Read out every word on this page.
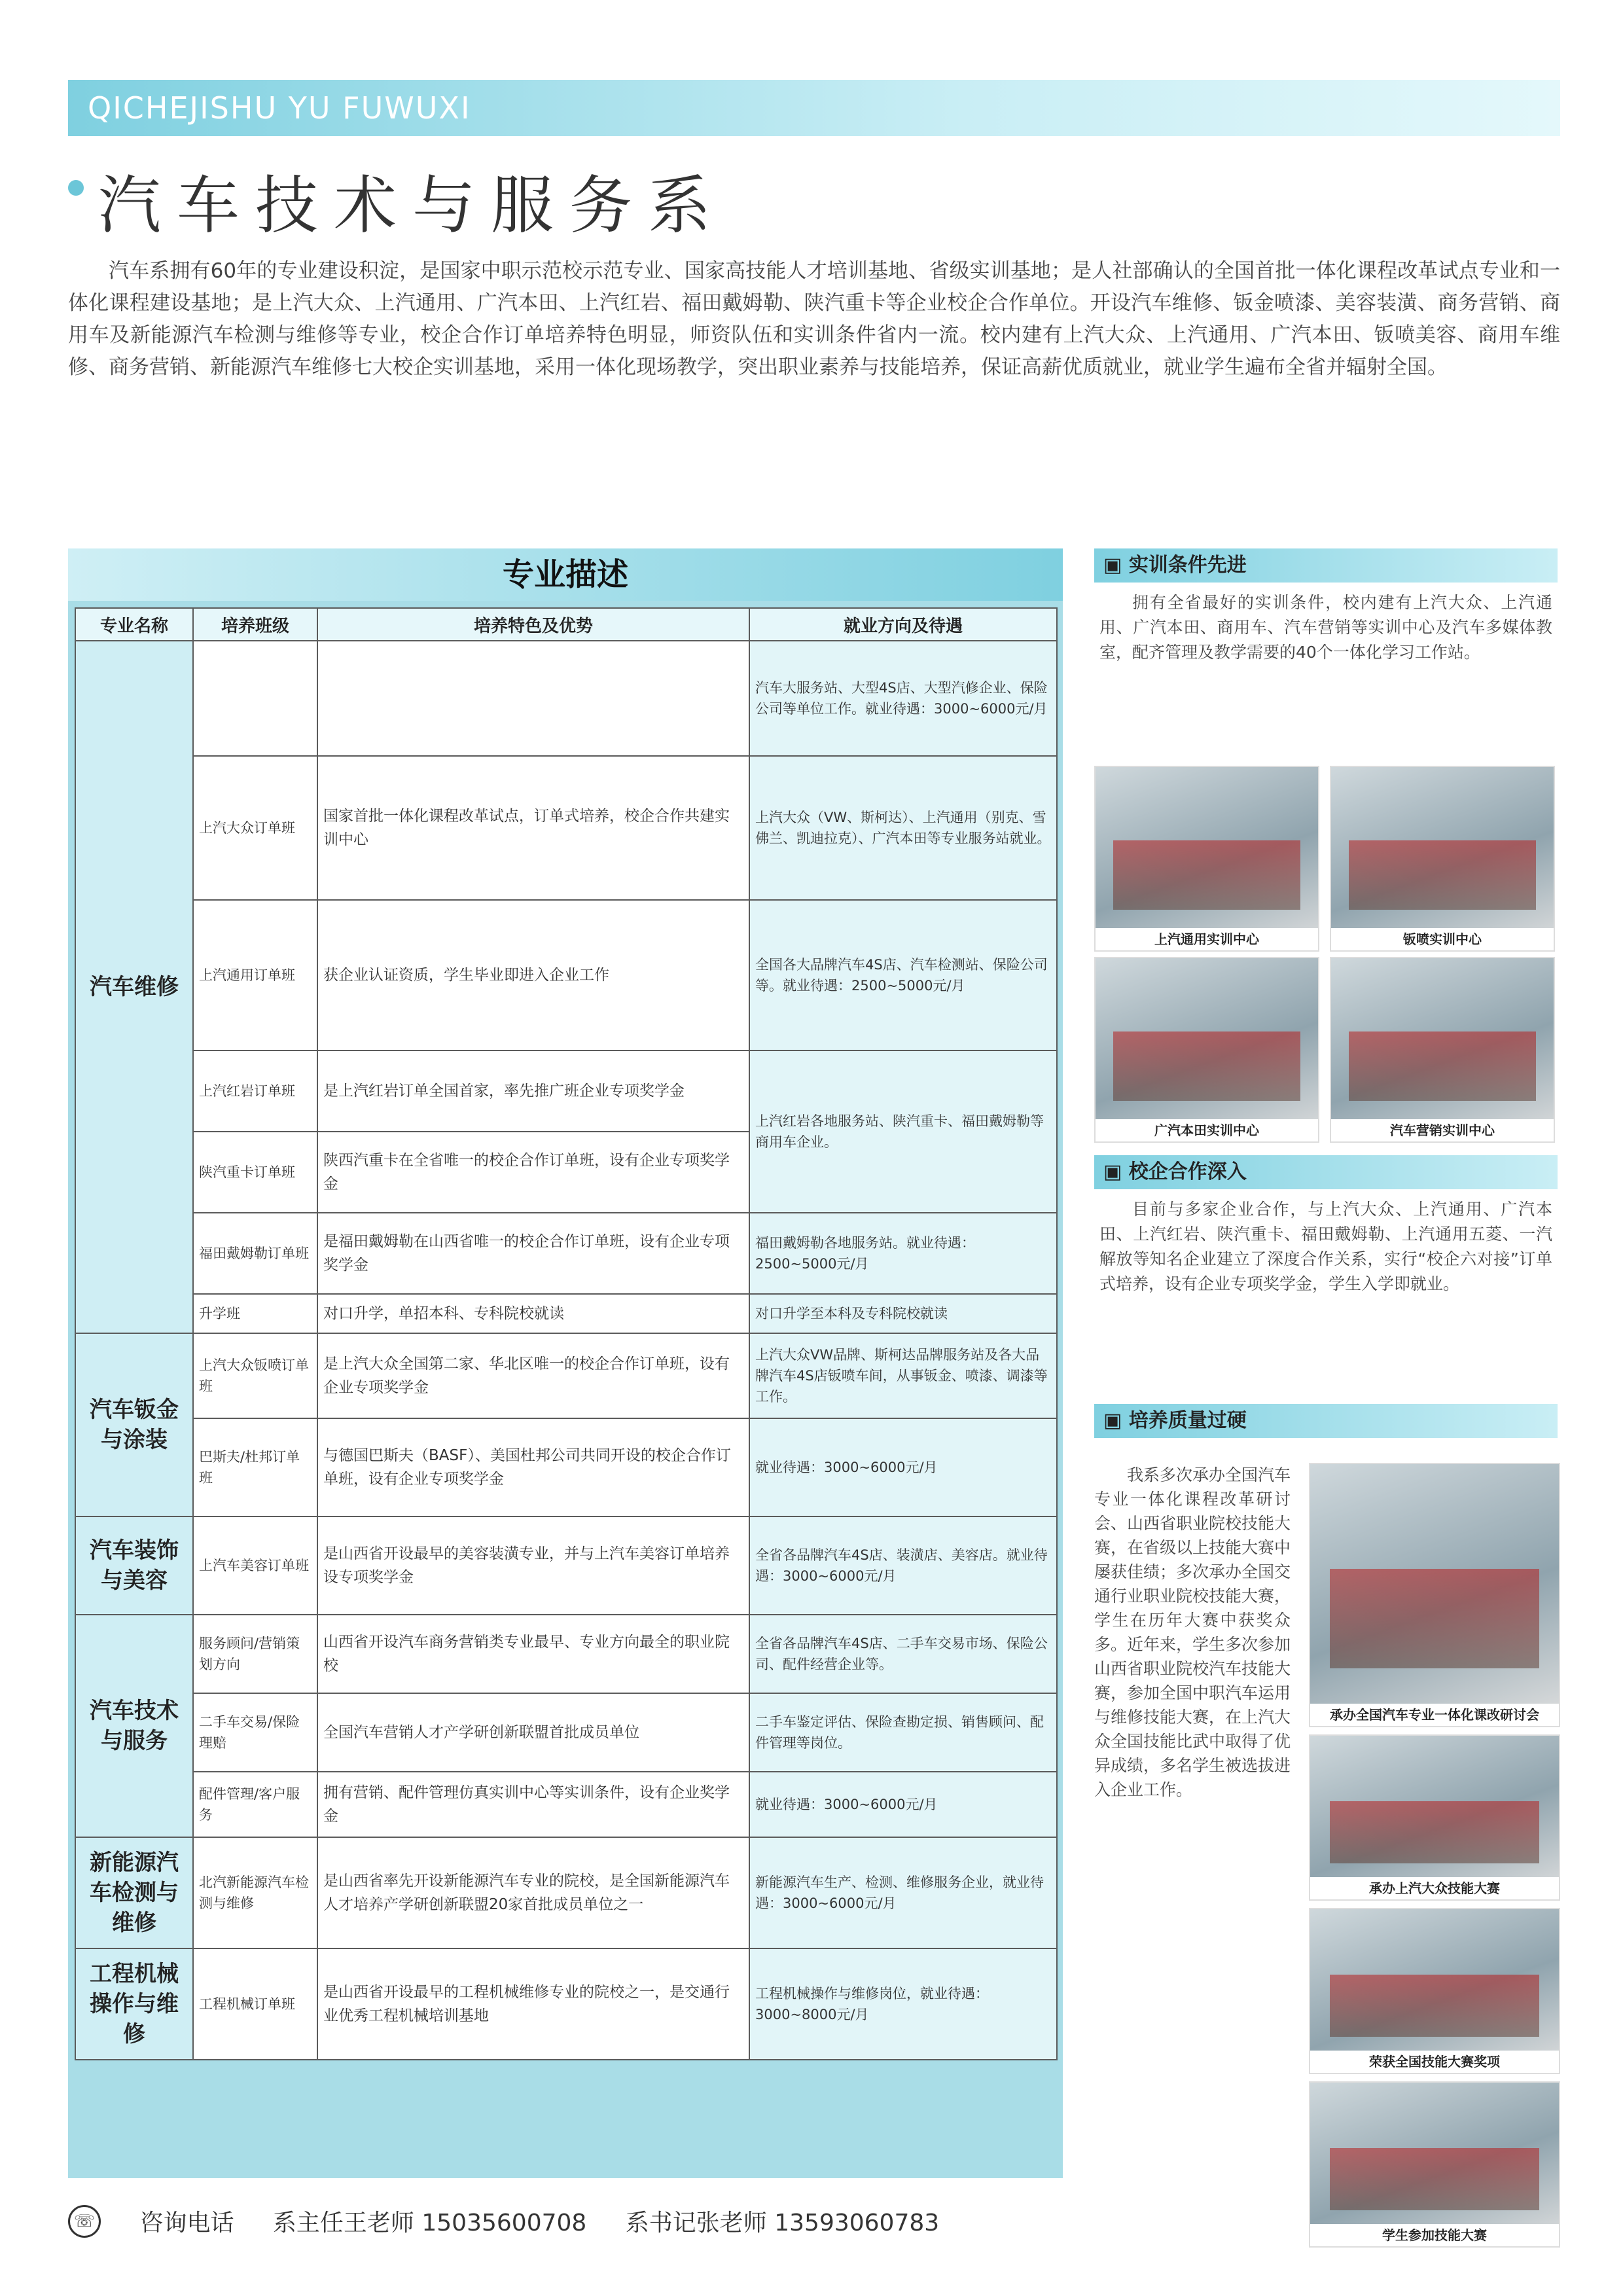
QICHEJISHU YU FUWUXI
汽车技术与服务系
汽车系拥有60年的专业建设积淀，是国家中职示范校示范专业、国家高技能人才培训基地、省级实训基地；是人社部确认的全国首批一体化课程改革试点专业和一体化课程建设基地；是上汽大众、上汽通用、广汽本田、上汽红岩、福田戴姆勒、陕汽重卡等企业校企合作单位。开设汽车维修、钣金喷漆、美容装潢、商务营销、商用车及新能源汽车检测与维修等专业，校企合作订单培养特色明显，师资队伍和实训条件省内一流。校内建有上汽大众、上汽通用、广汽本田、钣喷美容、商用车维修、商务营销、新能源汽车维修七大校企实训基地，采用一体化现场教学，突出职业素养与技能培养，保证高薪优质就业，就业学生遍布全省并辐射全国。
专业描述
专业名称	培养班级	培养特色及优势	就业方向及待遇
汽车维修			汽车大服务站、大型4S店、大型汽修企业、保险公司等单位工作。就业待遇：3000~6000元/月
	上汽大众订单班	国家首批一体化课程改革试点，订单式培养，校企合作共建实训中心	上汽大众（VW、斯柯达）、上汽通用（别克、雪佛兰、凯迪拉克）、广汽本田等专业服务站就业。
	上汽通用订单班	获企业认证资质，学生毕业即进入企业工作	全国各大品牌汽车4S店、汽车检测站、保险公司等。就业待遇：2500~5000元/月
	上汽红岩订单班	是上汽红岩订单全国首家，率先推广班企业专项奖学金	上汽红岩各地服务站、陕汽重卡、福田戴姆勒等商用车企业。
	陕汽重卡订单班	陕西汽重卡在全省唯一的校企合作订单班，设有企业专项奖学金	
	福田戴姆勒订单班	是福田戴姆勒在山西省唯一的校企合作订单班，设有企业专项奖学金	福田戴姆勒各地服务站。就业待遇：2500~5000元/月
	升学班	对口升学，单招本科、专科院校就读	对口升学至本科及专科院校就读
汽车钣金与涂装	上汽大众钣喷订单班	是上汽大众全国第二家、华北区唯一的校企合作订单班，设有企业专项奖学金	上汽大众VW品牌、斯柯达品牌服务站及各大品牌汽车4S店钣喷车间，从事钣金、喷漆、调漆等工作。
	巴斯夫/杜邦订单班	与德国巴斯夫（BASF）、美国杜邦公司共同开设的校企合作订单班，设有企业专项奖学金	就业待遇：3000~6000元/月
汽车装饰与美容	上汽车美容订单班	是山西省开设最早的美容装潢专业，并与上汽车美容订单培养设专项奖学金	全省各品牌汽车4S店、装潢店、美容店。就业待遇：3000~6000元/月
汽车技术与服务	服务顾问/营销策划方向	山西省开设汽车商务营销类专业最早、专业方向最全的职业院校	全省各品牌汽车4S店、二手车交易市场、保险公司、配件经营企业等。
	二手车交易/保险理赔	全国汽车营销人才产学研创新联盟首批成员单位	二手车鉴定评估、保险查勘定损、销售顾问、配件管理等岗位。
	配件管理/客户服务	拥有营销、配件管理仿真实训中心等实训条件，设有企业奖学金	就业待遇：3000~6000元/月
新能源汽车检测与维修	北汽新能源汽车检测与维修	是山西省率先开设新能源汽车专业的院校，是全国新能源汽车人才培养产学研创新联盟20家首批成员单位之一	新能源汽车生产、检测、维修服务企业，就业待遇：3000~6000元/月
工程机械操作与维修	工程机械订单班	是山西省开设最早的工程机械维修专业的院校之一，是交通行业优秀工程机械培训基地	工程机械操作与维修岗位，就业待遇：3000~8000元/月
▣ 实训条件先进
拥有全省最好的实训条件，校内建有上汽大众、上汽通用、广汽本田、商用车、汽车营销等实训中心及汽车多媒体教室，配齐管理及教学需要的40个一体化学习工作站。
上汽通用实训中心	钣喷实训中心
广汽本田实训中心	汽车营销实训中心
▣ 校企合作深入
目前与多家企业合作，与上汽大众、上汽通用、广汽本田、上汽红岩、陕汽重卡、福田戴姆勒、上汽通用五菱、一汽解放等知名企业建立了深度合作关系，实行“校企六对接”订单式培养，设有企业专项奖学金，学生入学即就业。
▣ 培养质量过硬
我系多次承办全国汽车专业一体化课程改革研讨会、山西省职业院校技能大赛，在省级以上技能大赛中屡获佳绩；多次承办全国交通行业职业院校技能大赛，学生在历年大赛中获奖众多。近年来，学生多次参加山西省职业院校汽车技能大赛，参加全国中职汽车运用与维修技能大赛，在上汽大众全国技能比武中取得了优异成绩，多名学生被选拔进入企业工作。
承办全国汽车专业一体化课改研讨会
承办上汽大众技能大赛
荣获全国技能大赛奖项
学生参加技能大赛
☏ 咨询电话 系主任王老师 15035600708 系书记张老师 13593060783
